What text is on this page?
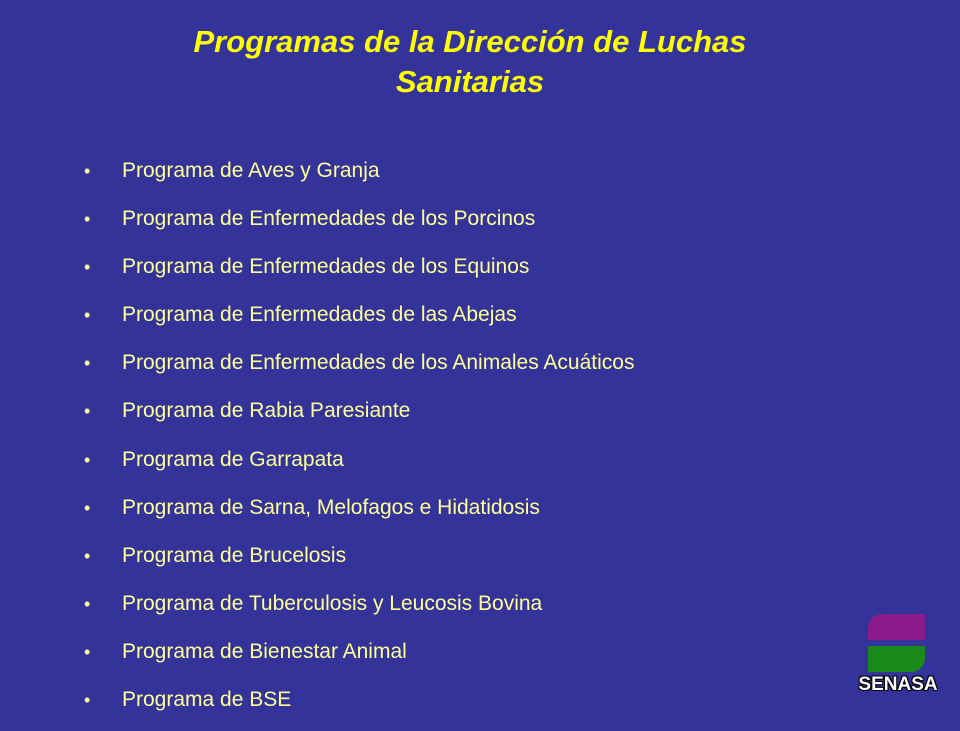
Programas de la Dirección de Luchas
Sanitarias
•	Programa de Aves y Granja
•	Programa de Enfermedades de los Porcinos
•	Programa de Enfermedades de los Equinos
•	Programa de Enfermedades de las Abejas
•	Programa de Enfermedades de los Animales Acuáticos
•	Programa de Rabia Paresiante
•	Programa de Garrapata
•	Programa de Sarna, Melofagos e Hidatidosis
•	Programa de Brucelosis
•	Programa de Tuberculosis y Leucosis Bovina
•	Programa de Bienestar Animal
•	Programa de BSE
SENASA
